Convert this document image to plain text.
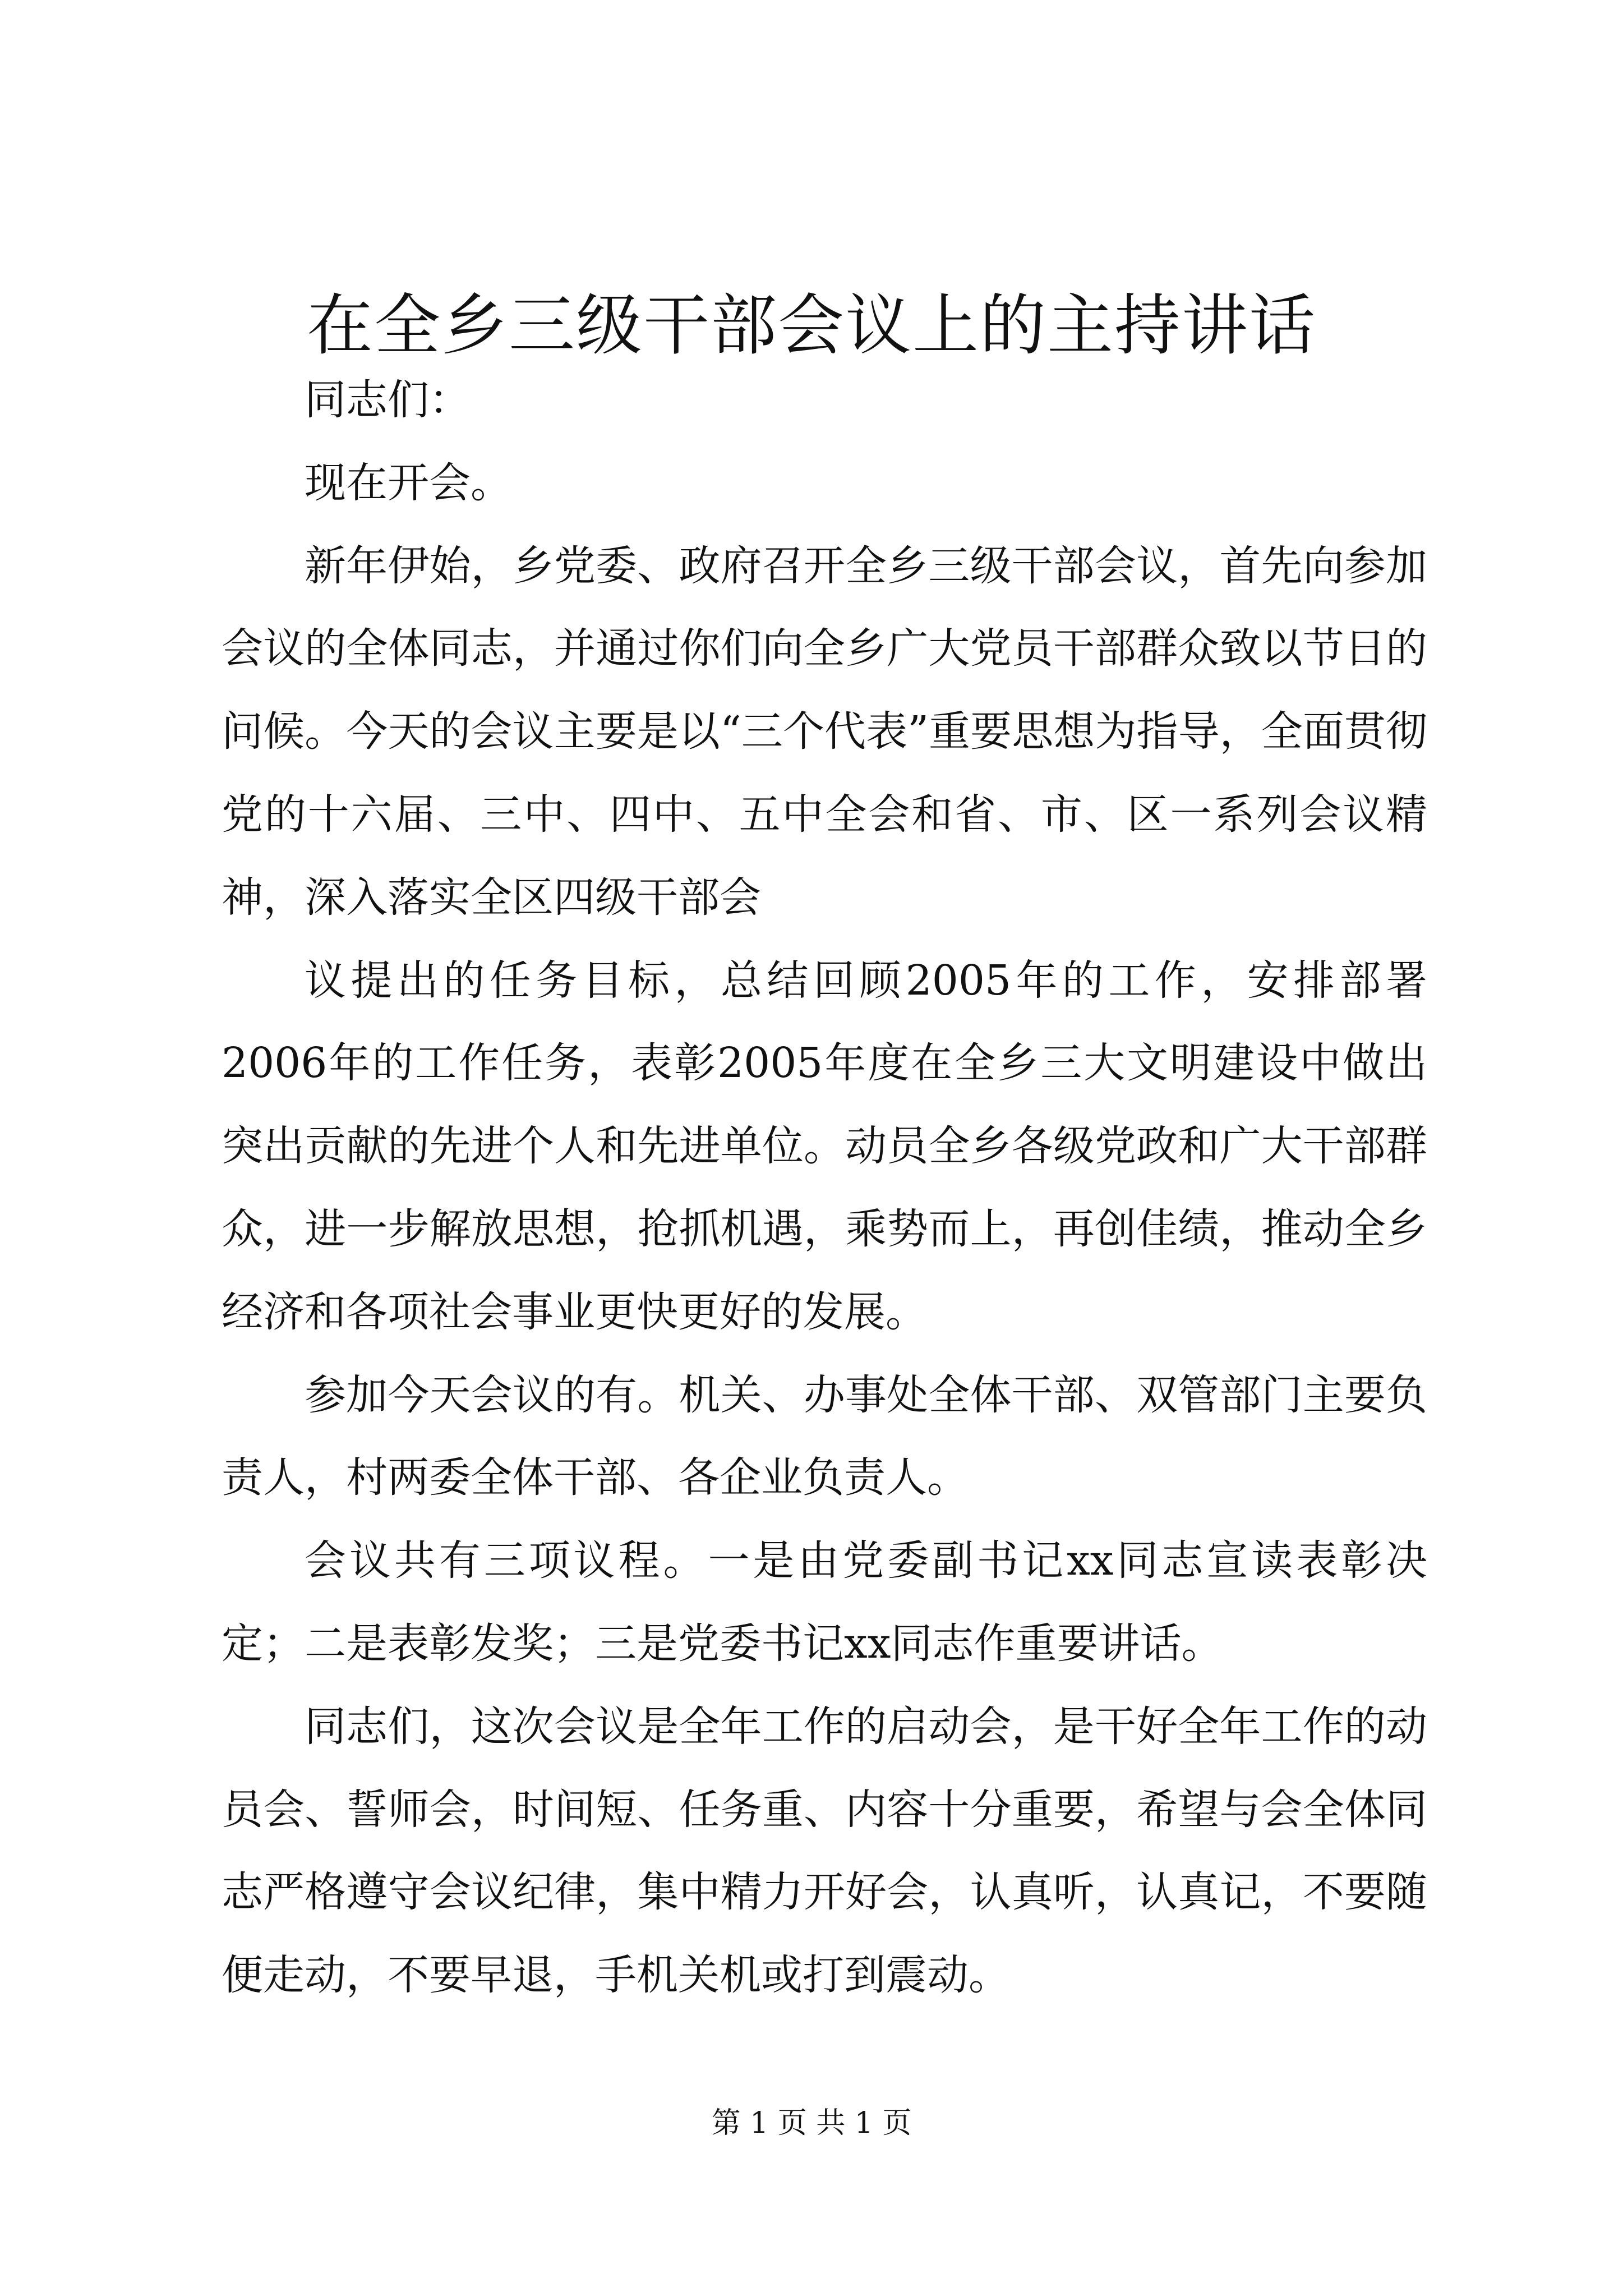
在全乡三级干部会议上的主持讲话

同志们：

现在开会。

新年伊始，乡党委、政府召开全乡三级干部会议，首先向参加会议的全体同志，并通过你们向全乡广大党员干部群众致以节日的问候。今天的会议主要是以“三个代表”重要思想为指导，全面贯彻党的十六届、三中、四中、五中全会和省、市、区一系列会议精神，深入落实全区四级干部会

议提出的任务目标，总结回顾2005年的工作，安排部署2006年的工作任务，表彰2005年度在全乡三大文明建设中做出突出贡献的先进个人和先进单位。动员全乡各级党政和广大干部群众，进一步解放思想，抢抓机遇，乘势而上，再创佳绩，推动全乡经济和各项社会事业更快更好的发展。

参加今天会议的有。机关、办事处全体干部、双管部门主要负责人，村两委全体干部、各企业负责人。

会议共有三项议程。一是由党委副书记xx同志宣读表彰决定；二是表彰发奖；三是党委书记xx同志作重要讲话。

同志们，这次会议是全年工作的启动会，是干好全年工作的动员会、誓师会，时间短、任务重、内容十分重要，希望与会全体同志严格遵守会议纪律，集中精力开好会，认真听，认真记，不要随便走动，不要早退，手机关机或打到震动。

第 1 页 共 1 页
